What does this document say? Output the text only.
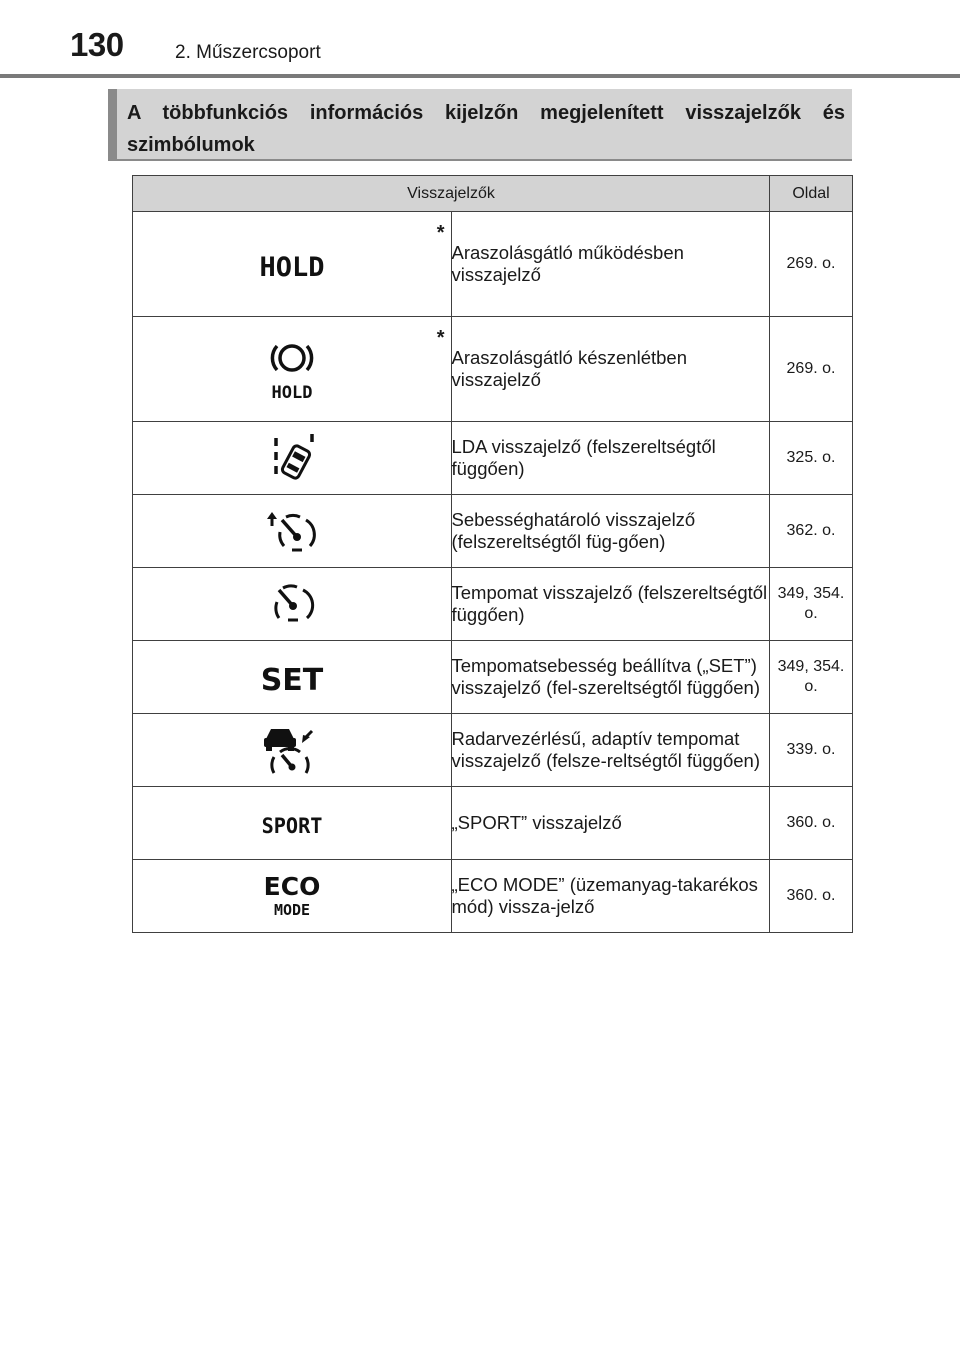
130	2. Műszercsoport
A többfunkciós információs kijelzőn megjelenített visszajelzők és szimbólumok
Visszajelzők		Oldal

HOLD
*	Araszolásgátló működésben visszajelző	269. o.

HOLD
*	Araszolásgátló készenlétben visszajelző	269. o.

	LDA visszajelző (felszereltségtől függően)	325. o.

	Sebességhatároló visszajelző (felszereltségtől füg-gően)	362. o.

	Tempomat visszajelző (felszereltségtől függően)	349, 354. o.

SET	Tempomatsebesség beállítva („SET”) visszajelző (fel-szereltségtől függően)	349, 354. o.

	Radarvezérlésű, adaptív tempomat visszajelző (felsze-reltségtől függően)	339. o.

SPORT	„SPORT” visszajelző	360. o.

ECO
MODE	„ECO MODE” (üzemanyag-takarékos mód) vissza-jelző	360. o.
